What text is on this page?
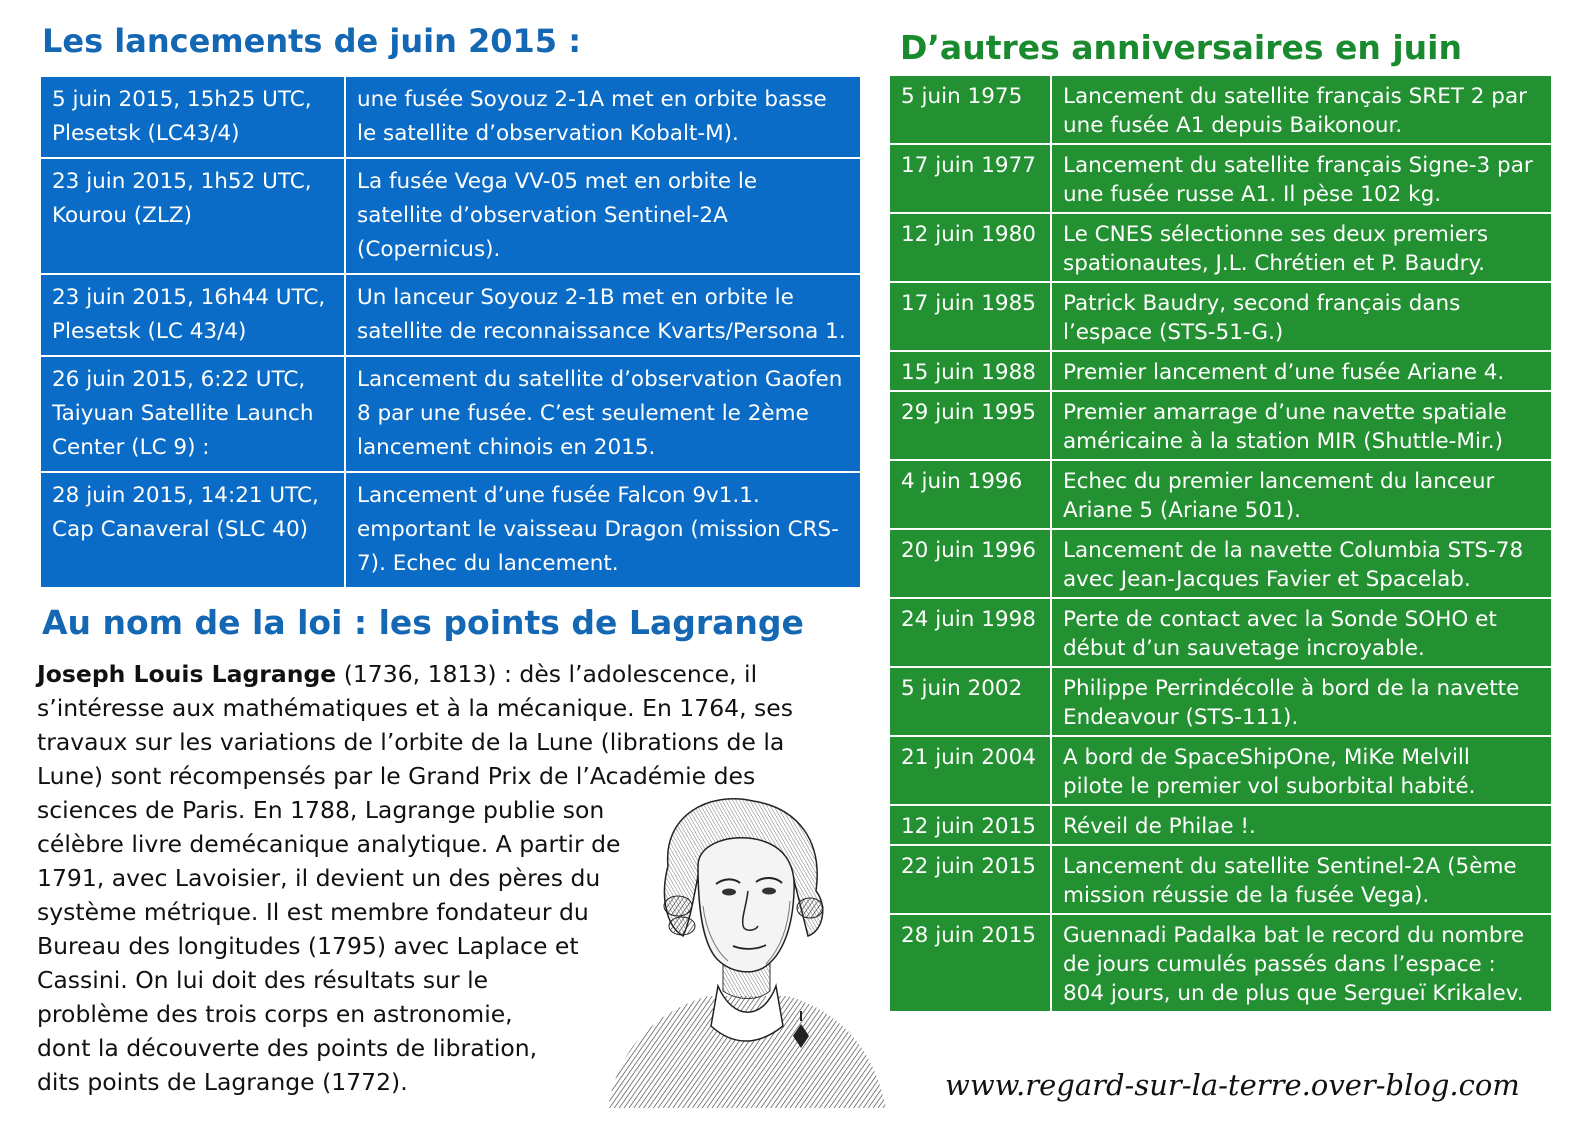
Les lancements de juin 2015 :	D’autres anniversaires en juin
5 juin 2015, 15h25 UTC,
Plesetsk (LC43/4)	une fusée Soyouz 2-1A met en orbite basse
le satellite d’observation Kobalt-M).
23 juin 2015, 1h52 UTC,
Kourou (ZLZ)	La fusée Vega VV-05 met en orbite le
satellite d’observation Sentinel-2A
(Copernicus).
23 juin 2015, 16h44 UTC,
Plesetsk (LC 43/4)	Un lanceur Soyouz 2-1B met en orbite le
satellite de reconnaissance Kvarts/Persona 1.
26 juin 2015, 6:22 UTC,
Taiyuan Satellite Launch
Center (LC 9) :	Lancement du satellite d’observation Gaofen
8 par une fusée. C’est seulement le 2ème
lancement chinois en 2015.
28 juin 2015, 14:21 UTC,
Cap Canaveral (SLC 40)	Lancement d’une fusée Falcon 9v1.1.
emportant le vaisseau Dragon (mission CRS-
7). Echec du lancement.
5 juin 1975	Lancement du satellite français SRET 2 par
une fusée A1 depuis Baikonour.
17 juin 1977	Lancement du satellite français Signe-3 par
une fusée russe A1. Il pèse 102 kg.
12 juin 1980	Le CNES sélectionne ses deux premiers
spationautes, J.L. Chrétien et P. Baudry.
17 juin 1985	Patrick Baudry, second français dans
l’espace (STS-51-G.)
15 juin 1988	Premier lancement d’une fusée Ariane 4.
29 juin 1995	Premier amarrage d’une navette spatiale
américaine à la station MIR (Shuttle-Mir.)
4 juin 1996	Echec du premier lancement du lanceur
Ariane 5 (Ariane 501).
20 juin 1996	Lancement de la navette Columbia STS-78
avec Jean-Jacques Favier et Spacelab.
24 juin 1998	Perte de contact avec la Sonde SOHO et
début d’un sauvetage incroyable.
5 juin 2002	Philippe Perrindécolle à bord de la navette
Endeavour (STS-111).
21 juin 2004	A bord de SpaceShipOne, MiKe Melvill
pilote le premier vol suborbital habité.
12 juin 2015	Réveil de Philae !.
22 juin 2015	Lancement du satellite Sentinel-2A (5ème
mission réussie de la fusée Vega).
28 juin 2015	Guennadi Padalka bat le record du nombre
de jours cumulés passés dans l’espace :
804 jours, un de plus que Sergueï Krikalev.
Au nom de la loi : les points de Lagrange
Joseph Louis Lagrange (1736, 1813) : dès l’adolescence, il
s’intéresse aux mathématiques et à la mécanique. En 1764, ses
travaux sur les variations de l’orbite de la Lune (librations de la
Lune) sont récompensés par le Grand Prix de l’Académie des
sciences de Paris. En 1788, Lagrange publie son
célèbre livre demécanique analytique. A partir de
1791, avec Lavoisier, il devient un des pères du
système métrique. Il est membre fondateur du
Bureau des longitudes (1795) avec Laplace et
Cassini. On lui doit des résultats sur le
problème des trois corps en astronomie,
dont la découverte des points de libration,
dits points de Lagrange (1772).	www.regard-sur-la-terre.over-blog.com
